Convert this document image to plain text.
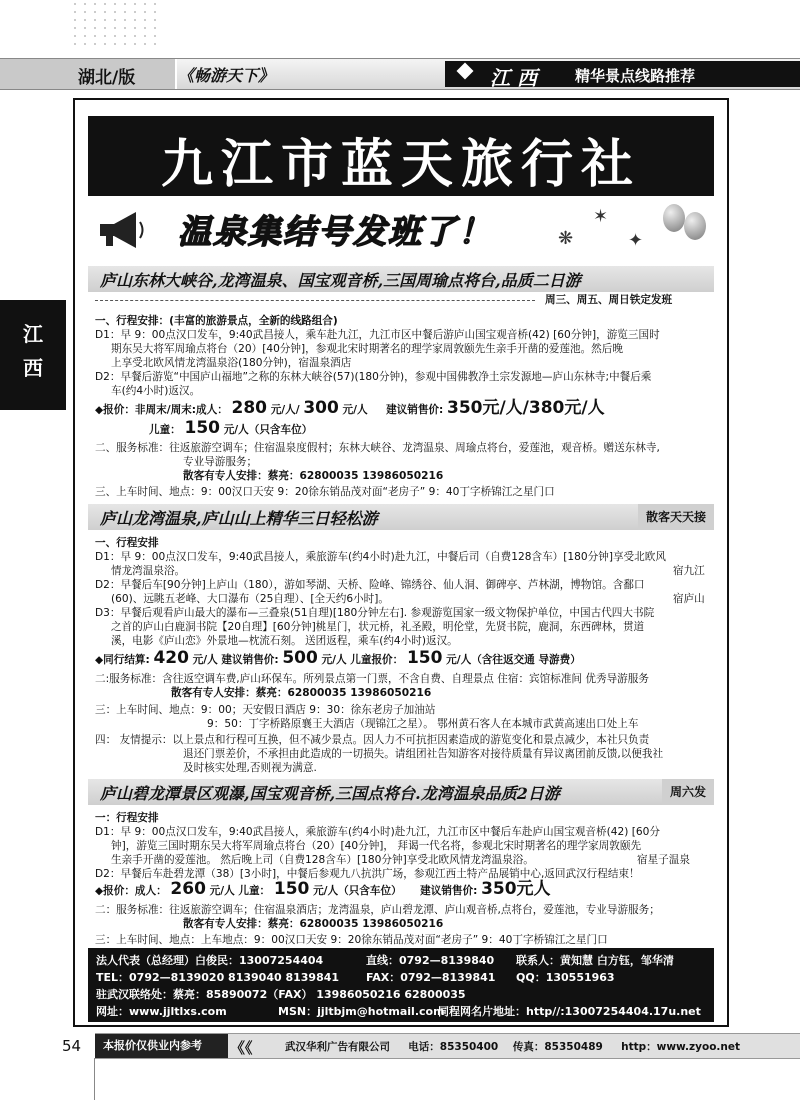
湖北/版	《畅游天下》	江 西	精华景点线路推荐
江
西
九江市蓝天旅行社
温泉集结号发班了！	✶
❋	✦
庐山东林大峡谷,龙湾温泉、国宝观音桥,三国周瑜点将台,品质二日游
周三、周五、周日铁定发班
一、行程安排：(丰富的旅游景点，全新的线路组合)
D1：早 9：00点汉口发车，9:40武昌接人，乘车赴九江，九江市区中餐后游庐山国宝观音桥(42) [60分钟]，游览三国时
期东吴大将军周瑜点将台（20）[40分钟]，参观北宋时期著名的理学家周敦颐先生亲手开凿的爱莲池。然后晚
上享受北欧风情龙湾温泉浴(180分钟)，宿温泉酒店
D2：早餐后游览“中国庐山福地”之称的东林大峡谷(57)(180分钟)，参观中国佛教净土宗发源地—庐山东林寺;中餐后乘
车(约4小时)返汉。
◆报价：非周末/周末:成人： 280 元/人/ 300 元/人 建议销售价: 350元/人/380元/人
儿童： 150 元/人（只含车位）
二、服务标准：往返旅游空调车；住宿温泉度假村；东林大峡谷、龙湾温泉、周瑜点将台，爱莲池，观音桥。赠送东林寺,
专业导游服务；
散客有专人安排：蔡亮：62800035 13986050216
三、上车时间、地点：9：00汉口天安 9：20徐东销品茂对面“老房子” 9：40丁字桥锦江之星门口
庐山龙湾温泉,庐山山上精华三日轻松游	散客天天接
一、行程安排
D1：早 9：00点汉口发车，9:40武昌接人，乘旅游车(约4小时)赴九江，中餐后司（自费128含车）[180分钟]享受北欧风
情龙湾温泉浴。	宿九江
D2：早餐后车[90分钟]上庐山（180），游如琴湖、天桥、险峰、锦绣谷、仙人洞、御碑亭、芦林湖，博物馆。含鄱口
(60)、远眺五老峰、大口瀑布（25自理）、[全天约6小时]。	宿庐山
D3：早餐后观看庐山最大的瀑布—三叠泉(51自理)[180分钟左右]. 参观游览国家一级文物保护单位，中国古代四大书院
之首的庐山白鹿洞书院【20自理】[60分钟]桃星门，状元桥，礼圣殿，明伦堂，先贤书院，鹿洞，东西碑林，贯道
溪，电影《庐山恋》外景地—枕流石刻。 送团返程，乘车(约4小时)返汉。
◆同行结算: 420 元/人 建议销售价: 500 元/人 儿童报价： 150 元/人（含往返交通 导游费）
二:服务标准：含往返空调车费,庐山环保车。所列景点第一门票，不含自费、自理景点 住宿：宾馆标准间 优秀导游服务
散客有专人安排：蔡亮：62800035 13986050216
三：上车时间、地点：9：00；天安假日酒店 9：30：徐东老房子加油站
9：50：丁字桥路原襄王大酒店（现锦江之星）。 鄂州黄石客人在本城市武黄高速出口处上车
四： 友情提示：以上景点和行程可互换，但不减少景点。因人力不可抗拒因素造成的游览变化和景点减少，本社只负责
退还门票差价，不承担由此造成的一切损失。请组团社告知游客对接待质量有异议离团前反馈,以便我社
及时核实处理,否则视为满意.
庐山碧龙潭景区观瀑,国宝观音桥,三国点将台.龙湾温泉品质2日游	周六发
一：行程安排
D1：早 9：00点汉口发车，9:40武昌接人，乘旅游车(约4小时)赴九江，九江市区中餐后车赴庐山国宝观音桥(42) [60分
钟]，游览三国时期东吴大将军周瑜点将台（20）[40分钟]， 拜谒一代名将，参观北宋时期著名的理学家周敦颐先
生亲手开凿的爱莲池。 然后晚上司（自费128含车）[180分钟]享受北欧风情龙湾温泉浴。	宿星子温泉
D2：早餐后车赴碧龙潭（38）[3小时]，中餐后参观九八抗洪广场，参观江西土特产品展销中心,返回武汉行程结束！
◆报价：成人： 260 元/人 儿童： 150 元/人（只含车位） 建议销售价: 350元人
二：服务标准：往返旅游空调车；住宿温泉酒店；龙湾温泉，庐山碧龙潭、庐山观音桥,点将台，爱莲池，专业导游服务；
散客有专人安排：蔡亮：62800035 13986050216
三：上车时间、地点：上车地点：9：00汉口天安 9：20徐东销品茂对面“老房子” 9：40丁字桥锦江之星门口
法人代表（总经理）白俊民：13007254404	直线：0792—8139840 联系人：黄知慧 白方钰，邹华清
TEL：0792—8139020 8139040 8139841 FAX：0792—8139841 QQ：130551963
驻武汉联络处：蔡亮：85890072（FAX） 13986050216 62800035
网址：www.jjltlxs.com	MSN：jjltbjm@hotmail.com
同程网名片地址：http//:13007254404.17u.net
54	本报价仅供业内参考	《《	武汉华利广告有限公司 电话：85350400 传真：85350489 http：www.zyoo.net
